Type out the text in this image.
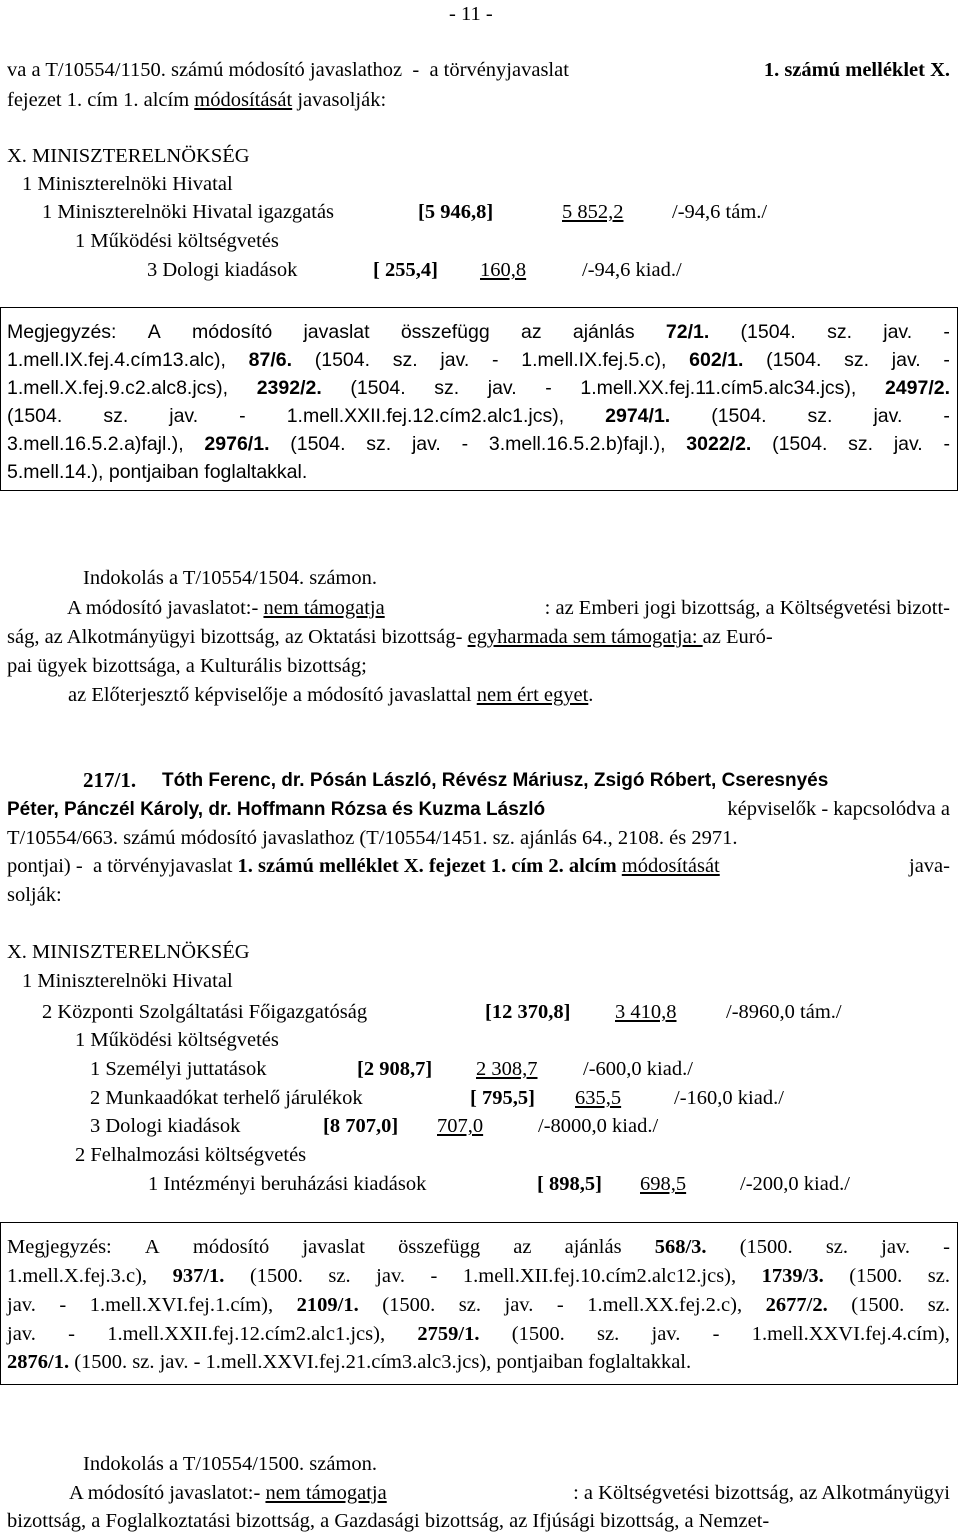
- 11 -
va a T/10554/1150. számú módosító javaslathoz  -  a törvényjavaslat	1. számú melléklet X.
fejezet 1. cím 1. alcím módosítását javasolják:
X. MINISZTERELNÖKSÉG
1 Miniszterelnöki Hivatal
1 Miniszterelnöki Hivatal igazgatás	[5 946,8]	5 852,2 /-94,6 tám./
1 Működési költségvetés
3 Dologi kiadások	[ 255,4] 160,8	/-94,6 kiad./
Megjegyzés: A módosító javaslat összefügg az ajánlás 72/1. (1504. sz. jav. -
1.mell.IX.fej.4.cím13.alc), 87/6. (1504. sz. jav. - 1.mell.IX.fej.5.c), 602/1. (1504. sz. jav. -
1.mell.X.fej.9.c2.alc8.jcs), 2392/2. (1504. sz. jav. - 1.mell.XX.fej.11.cím5.alc34.jcs), 2497/2.
(1504. sz. jav. - 1.mell.XXII.fej.12.cím2.alc1.jcs), 2974/1. (1504. sz. jav. -
3.mell.16.5.2.a)fajl.), 2976/1. (1504. sz. jav. - 3.mell.16.5.2.b)fajl.), 3022/2. (1504. sz. jav. -
5.mell.14.), pontjaiban foglaltakkal.
Indokolás a T/10554/1504. számon.
A módosító javaslatot:- nem támogatja	: az Emberi jogi bizottság, a Költségvetési bizott-
ság, az Alkotmányügyi bizottság, az Oktatási bizottság- egyharmada sem támogatja: az Euró-
pai ügyek bizottsága, a Kulturális bizottság;
az Előterjesztő képviselője a módosító javaslattal nem ért egyet.
217/1. Tóth Ferenc, dr. Pósán László, Révész Máriusz, Zsigó Róbert, Cseresnyés
Péter, Pánczél Károly, dr. Hoffmann Rózsa és Kuzma László	képviselők - kapcsolódva a
T/10554/663. számú módosító javaslathoz (T/10554/1451. sz. ajánlás 64., 2108. és 2971.
pontjai) -  a törvényjavaslat 1. számú melléklet X. fejezet 1. cím 2. alcím módosítását	java-
solják:
X. MINISZTERELNÖKSÉG
1 Miniszterelnöki Hivatal
2 Központi Szolgáltatási Főigazgatóság	[12 370,8] 3 410,8 /-8960,0 tám./
1 Működési költségvetés
1 Személyi juttatások	[2 908,7] 2 308,7 /-600,0 kiad./
2 Munkaadókat terhelő járulékok	[ 795,5] 635,5	/-160,0 kiad./
3 Dologi kiadások	[8 707,0] 707,0	/-8000,0 kiad./
2 Felhalmozási költségvetés
1 Intézményi beruházási kiadások	[ 898,5] 698,5	/-200,0 kiad./
Megjegyzés: A módosító javaslat összefügg az ajánlás 568/3. (1500. sz. jav. -
1.mell.X.fej.3.c), 937/1. (1500. sz. jav. - 1.mell.XII.fej.10.cím2.alc12.jcs), 1739/3. (1500. sz.
jav. - 1.mell.XVI.fej.1.cím), 2109/1. (1500. sz. jav. - 1.mell.XX.fej.2.c), 2677/2. (1500. sz.
jav. - 1.mell.XXII.fej.12.cím2.alc1.jcs), 2759/1. (1500. sz. jav. - 1.mell.XXVI.fej.4.cím),
2876/1. (1500. sz. jav. - 1.mell.XXVI.fej.21.cím3.alc3.jcs), pontjaiban foglaltakkal.
Indokolás a T/10554/1500. számon.
A módosító javaslatot:- nem támogatja	: a Költségvetési bizottság, az Alkotmányügyi
bizottság, a Foglalkoztatási bizottság, a Gazdasági bizottság, az Ifjúsági bizottság, a Nemzet-
